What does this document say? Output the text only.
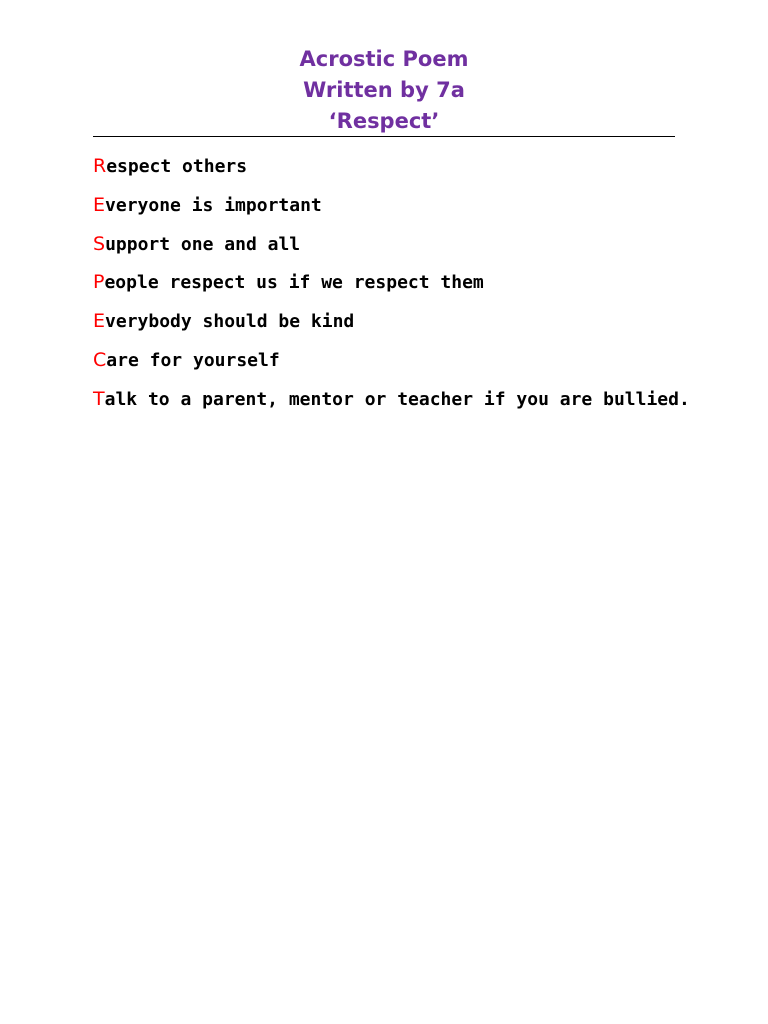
Acrostic Poem

Written by 7a

‘Respect’

Respect others
Everyone is important
Support one and all
People respect us if we respect them
Everybody should be kind
Care for yourself
Talk to a parent, mentor or teacher if you are bullied.
